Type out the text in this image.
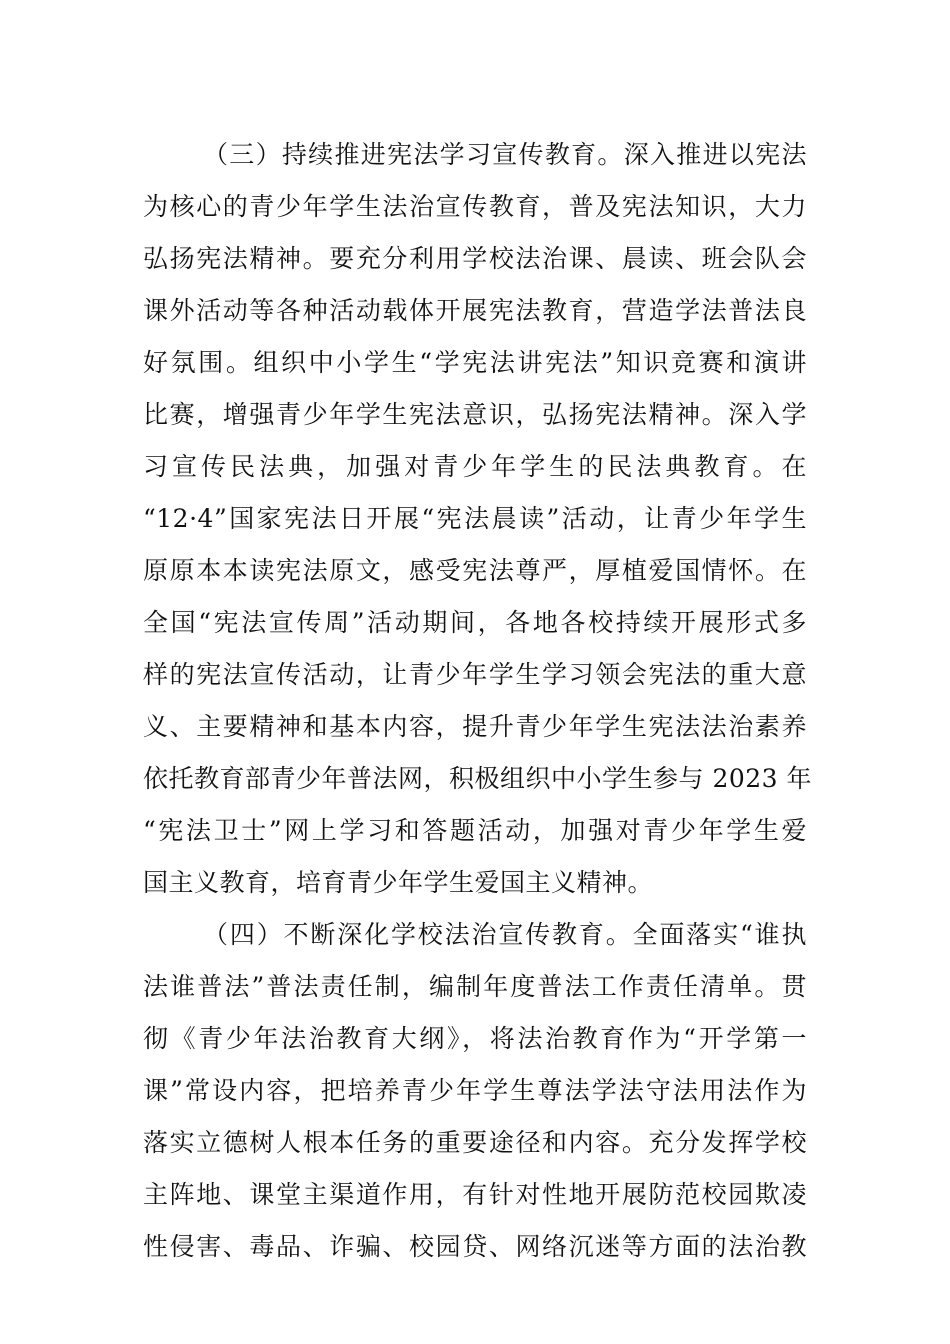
（三）持续推进宪法学习宣传教育。深入推进以宪法
为核心的青少年学生法治宣传教育，普及宪法知识，大力
弘扬宪法精神。要充分利用学校法治课、晨读、班会队会
课外活动等各种活动载体开展宪法教育，营造学法普法良
好氛围。组织中小学生“学宪法讲宪法”知识竞赛和演讲
比赛，增强青少年学生宪法意识，弘扬宪法精神。深入学
习宣传民法典，加强对青少年学生的民法典教育。在
“12·4”国家宪法日开展“宪法晨读”活动，让青少年学生
原原本本读宪法原文，感受宪法尊严，厚植爱国情怀。在
全国“宪法宣传周”活动期间，各地各校持续开展形式多
样的宪法宣传活动，让青少年学生学习领会宪法的重大意
义、主要精神和基本内容，提升青少年学生宪法法治素养
依托教育部青少年普法网，积极组织中小学生参与 2023 年
“宪法卫士”网上学习和答题活动，加强对青少年学生爱
国主义教育，培育青少年学生爱国主义精神。
（四）不断深化学校法治宣传教育。全面落实“谁执
法谁普法”普法责任制，编制年度普法工作责任清单。贯
彻《青少年法治教育大纲》，将法治教育作为“开学第一
课”常设内容，把培养青少年学生尊法学法守法用法作为
落实立德树人根本任务的重要途径和内容。充分发挥学校
主阵地、课堂主渠道作用，有针对性地开展防范校园欺凌
性侵害、毒品、诈骗、校园贷、网络沉迷等方面的法治教
